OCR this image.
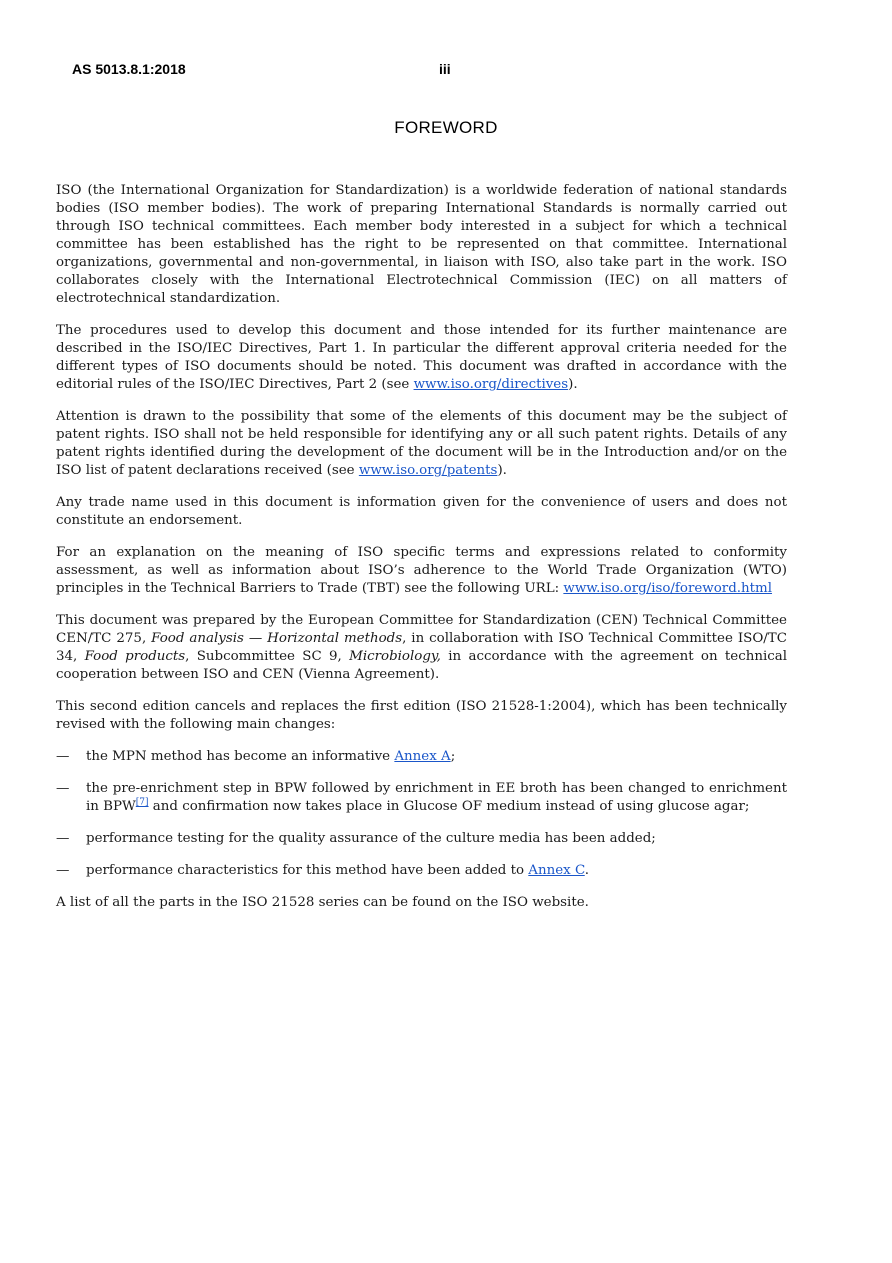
AS 5013.8.1:2018	iii
FOREWORD

ISO (the International Organization for Standardization) is a worldwide federation of national standards bodies (ISO member bodies). The work of preparing International Standards is normally carried out through ISO technical committees. Each member body interested in a subject for which a technical committee has been established has the right to be represented on that committee. International organizations, governmental and non-governmental, in liaison with ISO, also take part in the work. ISO collaborates closely with the International Electrotechnical Commission (IEC) on all matters of electrotechnical standardization.

The procedures used to develop this document and those intended for its further maintenance are described in the ISO/IEC Directives, Part 1. In particular the different approval criteria needed for the different types of ISO documents should be noted. This document was drafted in accordance with the editorial rules of the ISO/IEC Directives, Part 2 (see www.iso.org/directives).

Attention is drawn to the possibility that some of the elements of this document may be the subject of patent rights. ISO shall not be held responsible for identifying any or all such patent rights. Details of any patent rights identified during the development of the document will be in the Introduction and/or on the ISO list of patent declarations received (see www.iso.org/patents).

Any trade name used in this document is information given for the convenience of users and does not constitute an endorsement.

For an explanation on the meaning of ISO specific terms and expressions related to conformity assessment, as well as information about ISO’s adherence to the World Trade Organization (WTO) principles in the Technical Barriers to Trade (TBT) see the following URL: www.iso.org/iso/foreword.html

This document was prepared by the European Committee for Standardization (CEN) Technical Committee CEN/TC 275, Food analysis — Horizontal methods, in collaboration with ISO Technical Committee ISO/TC 34, Food products, Subcommittee SC 9, Microbiology, in accordance with the agreement on technical cooperation between ISO and CEN (Vienna Agreement).

This second edition cancels and replaces the first edition (ISO 21528-1:2004), which has been technically revised with the following main changes:

—	the MPN method has become an informative Annex A;
—	the pre-enrichment step in BPW followed by enrichment in EE broth has been changed to enrichment in BPW[7] and confirmation now takes place in Glucose OF medium instead of using glucose agar;
—	performance testing for the quality assurance of the culture media has been added;
—	performance characteristics for this method have been added to Annex C.

A list of all the parts in the ISO 21528 series can be found on the ISO website.
